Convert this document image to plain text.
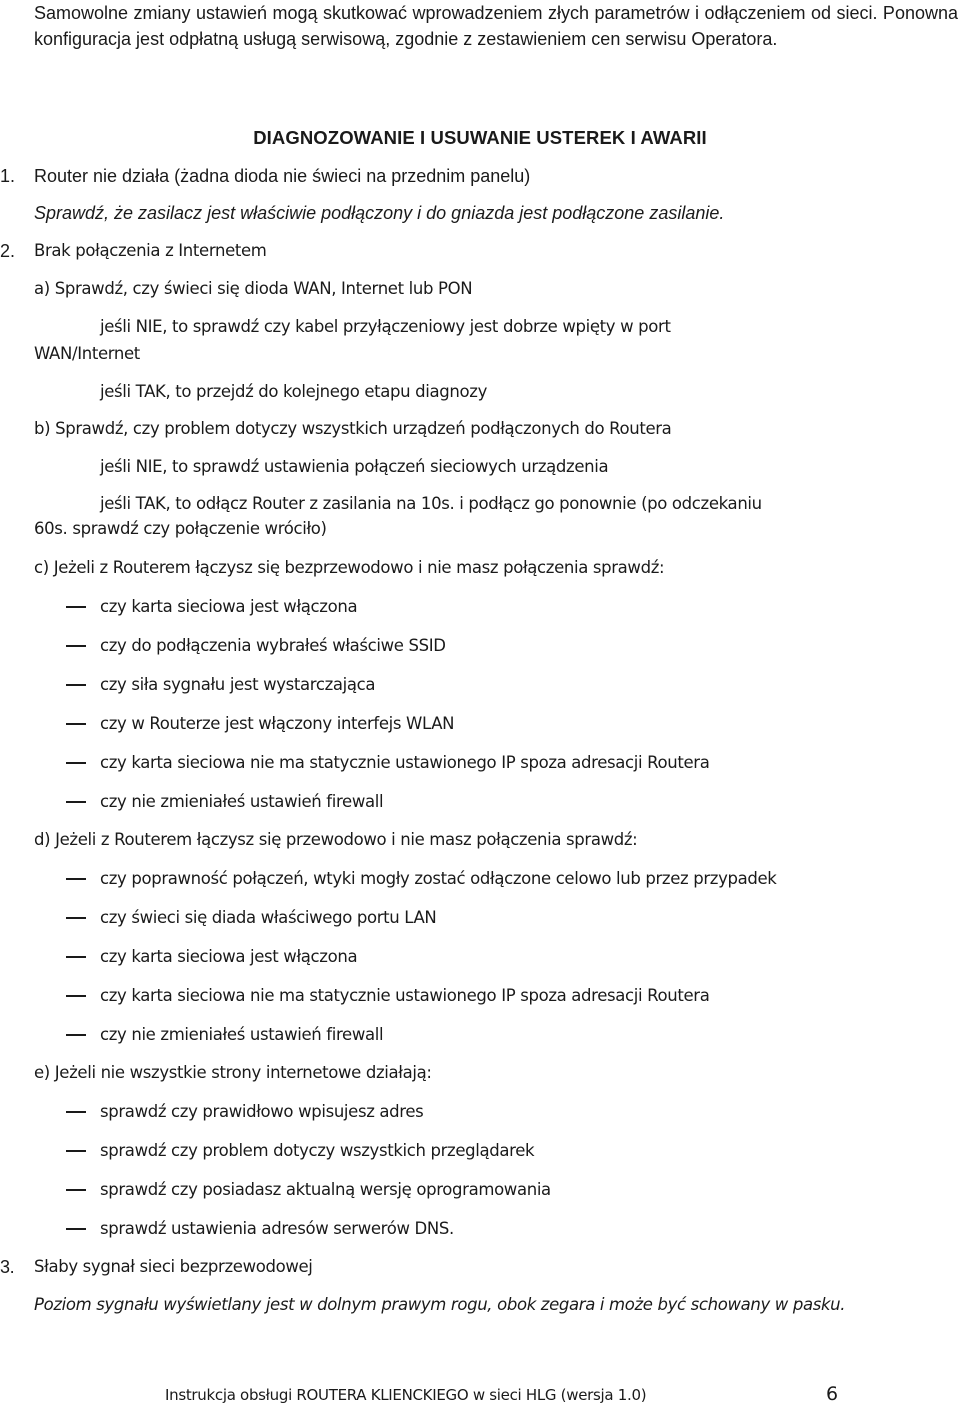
Samowolne zmiany ustawień mogą skutkować wprowadzeniem złych parametrów i odłączeniem od sieci. Ponowna konfiguracja jest odpłatną usługą serwisową, zgodnie z zestawieniem cen serwisu Operatora.
DIAGNOZOWANIE I USUWANIE USTEREK I AWARII
1. Router nie działa (żadna dioda nie świeci na przednim panelu)
Sprawdź, że zasilacz jest właściwie podłączony i do gniazda jest podłączone zasilanie.
2. Brak połączenia z Internetem
a) Sprawdź, czy świeci się dioda WAN, Internet lub PON
jeśli NIE, to sprawdź czy kabel przyłączeniowy jest dobrze wpięty w port
WAN/Internet
jeśli TAK, to przejdź do kolejnego etapu diagnozy
b) Sprawdź, czy problem dotyczy wszystkich urządzeń podłączonych do Routera
jeśli NIE, to sprawdź ustawienia połączeń sieciowych urządzenia
jeśli TAK, to odłącz Router z zasilania na 10s. i podłącz go ponownie (po odczekaniu
60s. sprawdź czy połączenie wróciło)
c) Jeżeli z Routerem łączysz się bezprzewodowo i nie masz połączenia sprawdź:
czy karta sieciowa jest włączona
czy do podłączenia wybrałeś właściwe SSID
czy siła sygnału jest wystarczająca
czy w Routerze jest włączony interfejs WLAN
czy karta sieciowa nie ma statycznie ustawionego IP spoza adresacji Routera
czy nie zmieniałeś ustawień firewall
d) Jeżeli z Routerem łączysz się przewodowo i nie masz połączenia sprawdź:
czy poprawność połączeń, wtyki mogły zostać odłączone celowo lub przez przypadek
czy świeci się diada właściwego portu LAN
czy karta sieciowa jest włączona
czy karta sieciowa nie ma statycznie ustawionego IP spoza adresacji Routera
czy nie zmieniałeś ustawień firewall
e) Jeżeli nie wszystkie strony internetowe działają:
sprawdź czy prawidłowo wpisujesz adres
sprawdź czy problem dotyczy wszystkich przeglądarek
sprawdź czy posiadasz aktualną wersję oprogramowania
sprawdź ustawienia adresów serwerów DNS.
3. Słaby sygnał sieci bezprzewodowej
Poziom sygnału wyświetlany jest w dolnym prawym rogu, obok zegara i może być schowany w pasku.
Instrukcja obsługi ROUTERA KLIENCKIEGO w sieci HLG (wersja 1.0)	6
